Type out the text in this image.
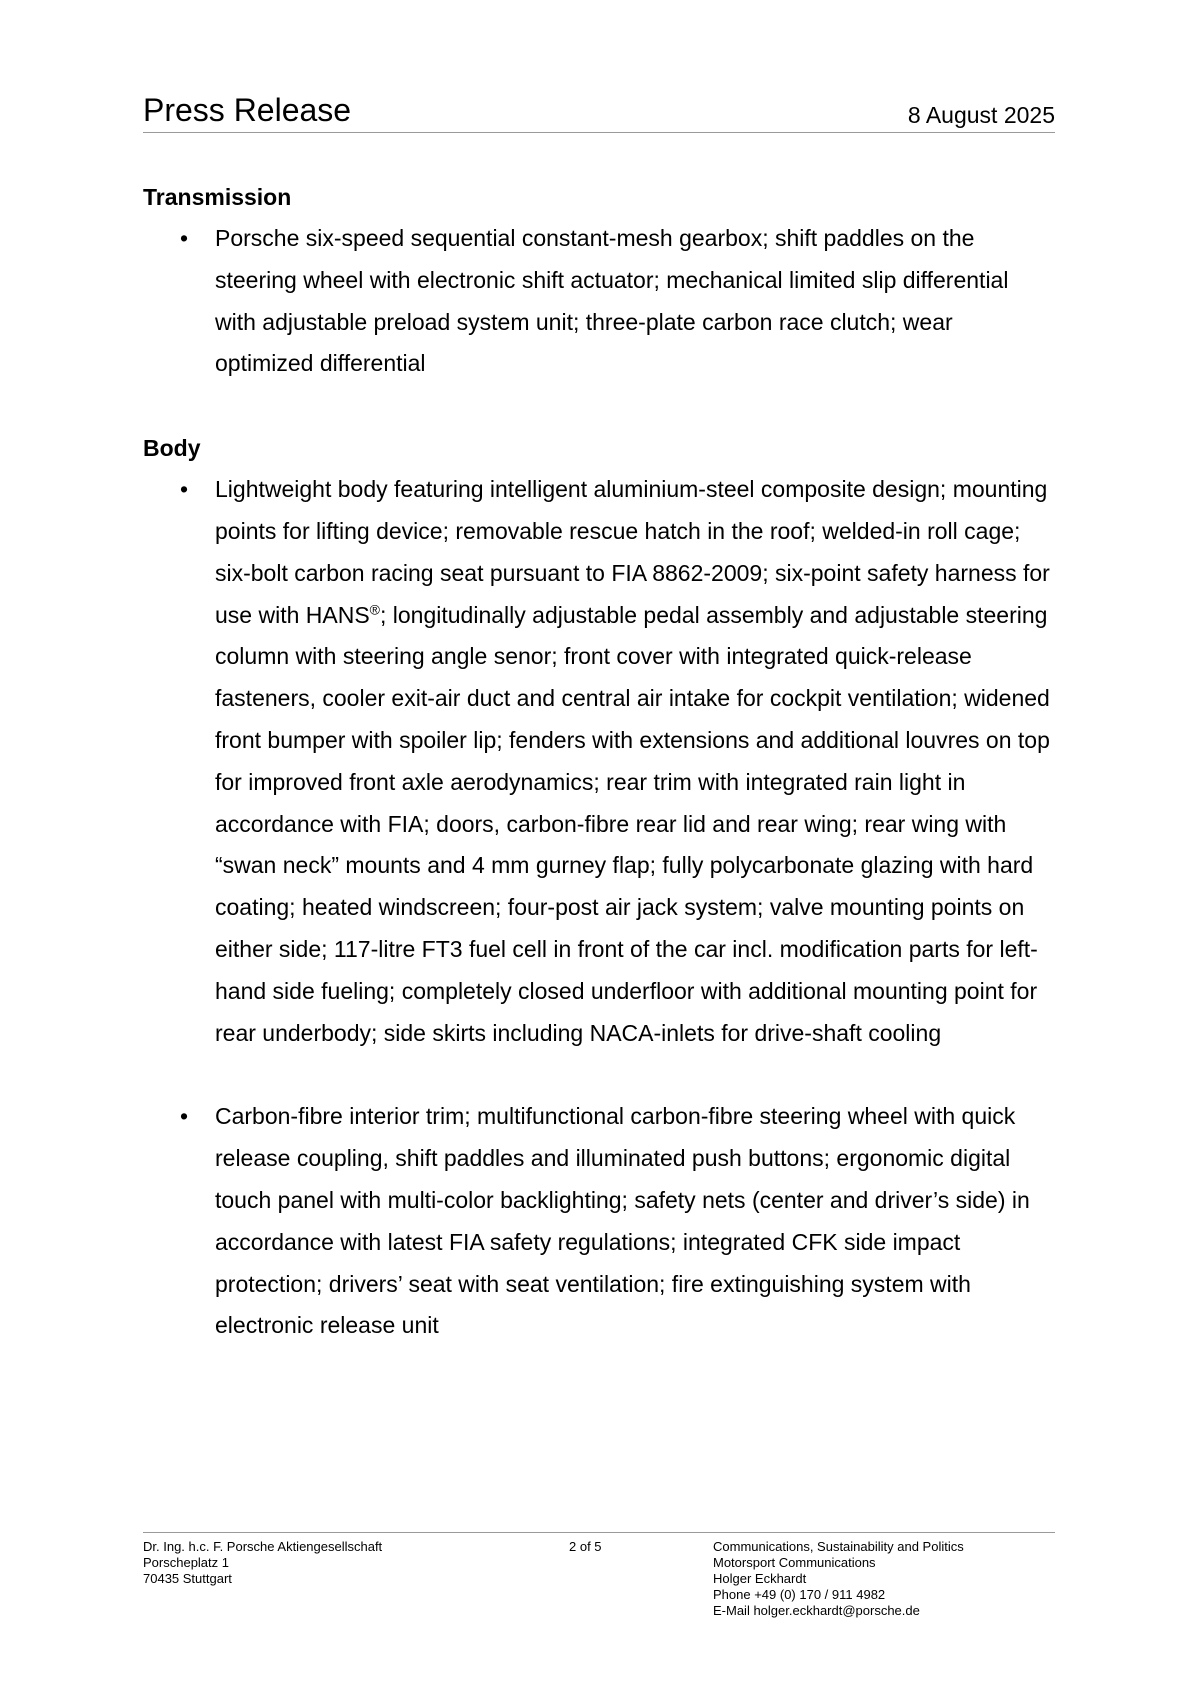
Press Release	8 August 2025
Transmission
• Porsche six-speed sequential constant-mesh gearbox; shift paddles on the steering wheel with electronic shift actuator; mechanical limited slip differential with adjustable preload system unit; three-plate carbon race clutch; wear optimized differential
Body
• Lightweight body featuring intelligent aluminium-steel composite design; mounting points for lifting device; removable rescue hatch in the roof; welded-in roll cage; six-bolt carbon racing seat pursuant to FIA 8862-2009; six-point safety harness for use with HANS®; longitudinally adjustable pedal assembly and adjustable steering column with steering angle senor; front cover with integrated quick-release fasteners, cooler exit-air duct and central air intake for cockpit ventilation; widened front bumper with spoiler lip; fenders with extensions and additional louvres on top for improved front axle aerodynamics; rear trim with integrated rain light in accordance with FIA; doors, carbon-fibre rear lid and rear wing; rear wing with “swan neck” mounts and 4 mm gurney flap; fully polycarbonate glazing with hard coating; heated windscreen; four-post air jack system; valve mounting points on either side; 117-litre FT3 fuel cell in front of the car incl. modification parts for left-hand side fueling; completely closed underfloor with additional mounting point for rear underbody; side skirts including NACA-inlets for drive-shaft cooling
• Carbon-fibre interior trim; multifunctional carbon-fibre steering wheel with quick release coupling, shift paddles and illuminated push buttons; ergonomic digital touch panel with multi-color backlighting; safety nets (center and driver’s side) in accordance with latest FIA safety regulations; integrated CFK side impact protection; drivers’ seat with seat ventilation; fire extinguishing system with electronic release unit
Dr. Ing. h.c. F. Porsche Aktiengesellschaft
Porscheplatz 1
70435 Stuttgart
2 of 5	Communications, Sustainability and Politics
Motorsport Communications
Holger Eckhardt
Phone +49 (0) 170 / 911 4982
E-Mail holger.eckhardt@porsche.de
